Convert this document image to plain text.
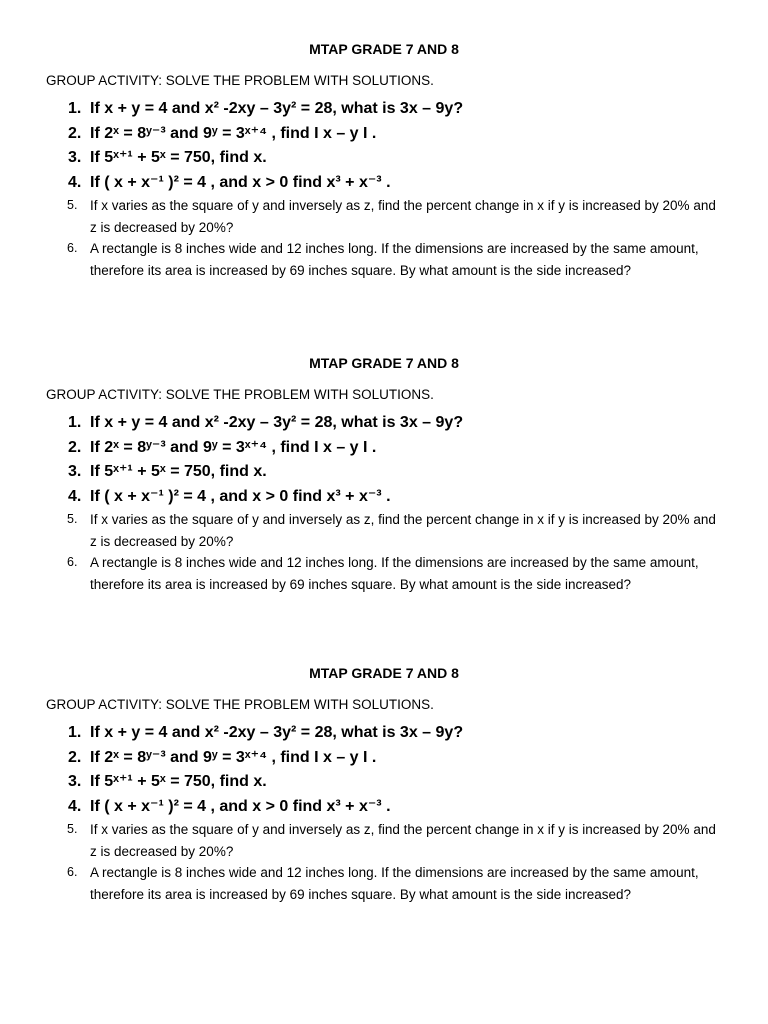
MTAP GRADE 7 AND 8
GROUP ACTIVITY: SOLVE THE PROBLEM WITH SOLUTIONS.
1. If x + y = 4 and x² -2xy – 3y² = 28, what is 3x – 9y?
2. If 2ˣ = 8ʸ⁻³ and 9ʸ = 3ˣ⁺⁴ , find I x – y I .
3. If 5ˣ⁺¹ + 5ˣ = 750, find x.
4. If ( x + x⁻¹ )² = 4 , and x > 0 find x³ + x⁻³ .
5. If x varies as the square of y and inversely as z, find the percent change in x if y is increased by 20% and z is decreased by 20%?
6. A rectangle is 8 inches wide and 12 inches long. If the dimensions are increased by the same amount, therefore its area is increased by 69 inches square. By what amount is the side increased?
MTAP GRADE 7 AND 8
GROUP ACTIVITY: SOLVE THE PROBLEM WITH SOLUTIONS.
1. If x + y = 4 and x² -2xy – 3y² = 28, what is 3x – 9y?
2. If 2ˣ = 8ʸ⁻³ and 9ʸ = 3ˣ⁺⁴ , find I x – y I .
3. If 5ˣ⁺¹ + 5ˣ = 750, find x.
4. If ( x + x⁻¹ )² = 4 , and x > 0 find x³ + x⁻³ .
5. If x varies as the square of y and inversely as z, find the percent change in x if y is increased by 20% and z is decreased by 20%?
6. A rectangle is 8 inches wide and 12 inches long. If the dimensions are increased by the same amount, therefore its area is increased by 69 inches square. By what amount is the side increased?
MTAP GRADE 7 AND 8
GROUP ACTIVITY: SOLVE THE PROBLEM WITH SOLUTIONS.
1. If x + y = 4 and x² -2xy – 3y² = 28, what is 3x – 9y?
2. If 2ˣ = 8ʸ⁻³ and 9ʸ = 3ˣ⁺⁴ , find I x – y I .
3. If 5ˣ⁺¹ + 5ˣ = 750, find x.
4. If ( x + x⁻¹ )² = 4 , and x > 0 find x³ + x⁻³ .
5. If x varies as the square of y and inversely as z, find the percent change in x if y is increased by 20% and z is decreased by 20%?
6. A rectangle is 8 inches wide and 12 inches long. If the dimensions are increased by the same amount, therefore its area is increased by 69 inches square. By what amount is the side increased?
